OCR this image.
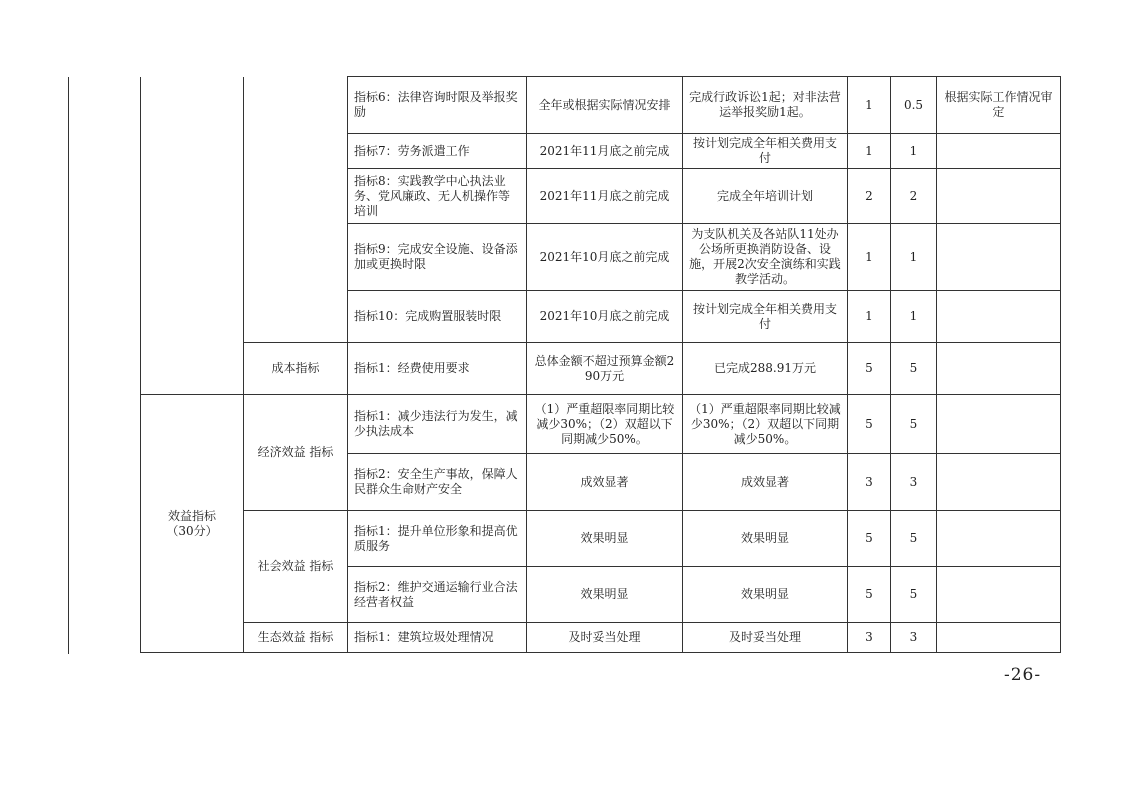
		指标6：法律咨询时限及举报奖励	全年或根据实际情况安排	完成行政诉讼1起；对非法营运举报奖励1起。	1	0.5	根据实际工作情况审定
		指标7：劳务派遣工作	2021年11月底之前完成	按计划完成全年相关费用支付	1	1	
		指标8：实践教学中心执法业务、党风廉政、无人机操作等培训	2021年11月底之前完成	完成全年培训计划	2	2	
		指标9：完成安全设施、设备添加或更换时限	2021年10月底之前完成	为支队机关及各站队11处办公场所更换消防设备、设施，开展2次安全演练和实践教学活动。	1	1	
		指标10：完成购置服装时限	2021年10月底之前完成	按计划完成全年相关费用支付	1	1	
	成本指标	指标1：经费使用要求	总体金额不超过预算金额290万元	已完成288.91万元	5	5	

效益指标
（30分）	经济效益 指标	指标1：减少违法行为发生，减少执法成本	（1）严重超限率同期比较减少30%；（2）双超以下同期减少50%。	（1）严重超限率同期比较减少30%；（2）双超以下同期减少50%。	5	5	
		指标2：安全生产事故，保障人民群众生命财产安全	成效显著	成效显著	3	3	
	社会效益 指标	指标1：提升单位形象和提高优质服务	效果明显	效果明显	5	5	
		指标2：维护交通运输行业合法经营者权益	效果明显	效果明显	5	5	
	生态效益 指标	指标1：建筑垃圾处理情况	及时妥当处理	及时妥当处理	3	3	
-26-
